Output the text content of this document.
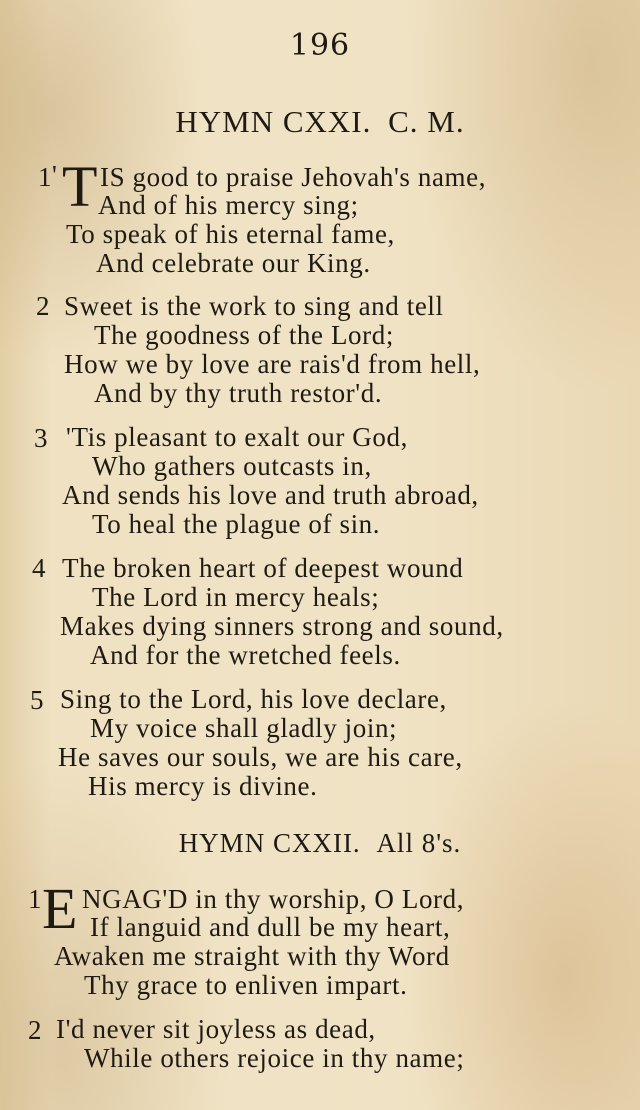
196
HYMN CXXI. C. M.
1 ' T IS good to praise Jehovah's name,
And of his mercy sing;
To speak of his eternal fame,
And celebrate our King.
2 Sweet is the work to sing and tell
The goodness of the Lord;
How we by love are rais'd from hell,
And by thy truth restor'd.
3 'Tis pleasant to exalt our God,
Who gathers outcasts in,
And sends his love and truth abroad,
To heal the plague of sin.
4 The broken heart of deepest wound
The Lord in mercy heals;
Makes dying sinners strong and sound,
And for the wretched feels.
5 Sing to the Lord, his love declare,
My voice shall gladly join;
He saves our souls, we are his care,
His mercy is divine.
HYMN CXXII. All 8's.
1 E NGAG'D in thy worship, O Lord,
If languid and dull be my heart,
Awaken me straight with thy Word
Thy grace to enliven impart.
2 I'd never sit joyless as dead,
While others rejoice in thy name;
